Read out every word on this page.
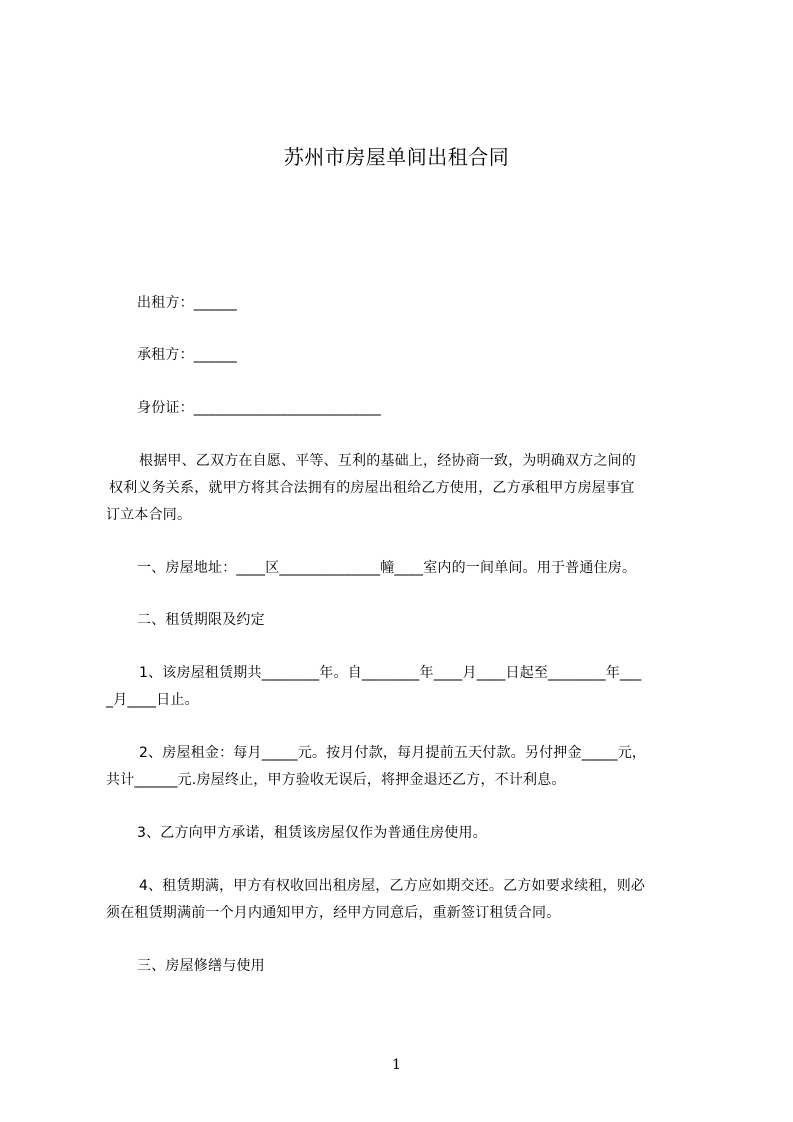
苏州市房屋单间出租合同
出租方：______
承租方：______
身份证：__________________________
根据甲、乙双方在自愿、平等、互利的基础上，经协商一致，为明确双方之间的
权利义务关系，就甲方将其合法拥有的房屋出租给乙方使用，乙方承租甲方房屋事宜
订立本合同。
一、房屋地址：____区______________幢____室内的一间单间。用于普通住房。
二、租赁期限及约定
1、该房屋租赁期共________年。自________年____月____日起至________年___
_月____日止。
2、房屋租金：每月_____元。按月付款，每月提前五天付款。另付押金_____元，
共计______元.房屋终止，甲方验收无误后，将押金退还乙方，不计利息。
3、乙方向甲方承诺，租赁该房屋仅作为普通住房使用。
4、租赁期满，甲方有权收回出租房屋，乙方应如期交还。乙方如要求续租，则必
须在租赁期满前一个月内通知甲方，经甲方同意后，重新签订租赁合同。
三、房屋修缮与使用
1
